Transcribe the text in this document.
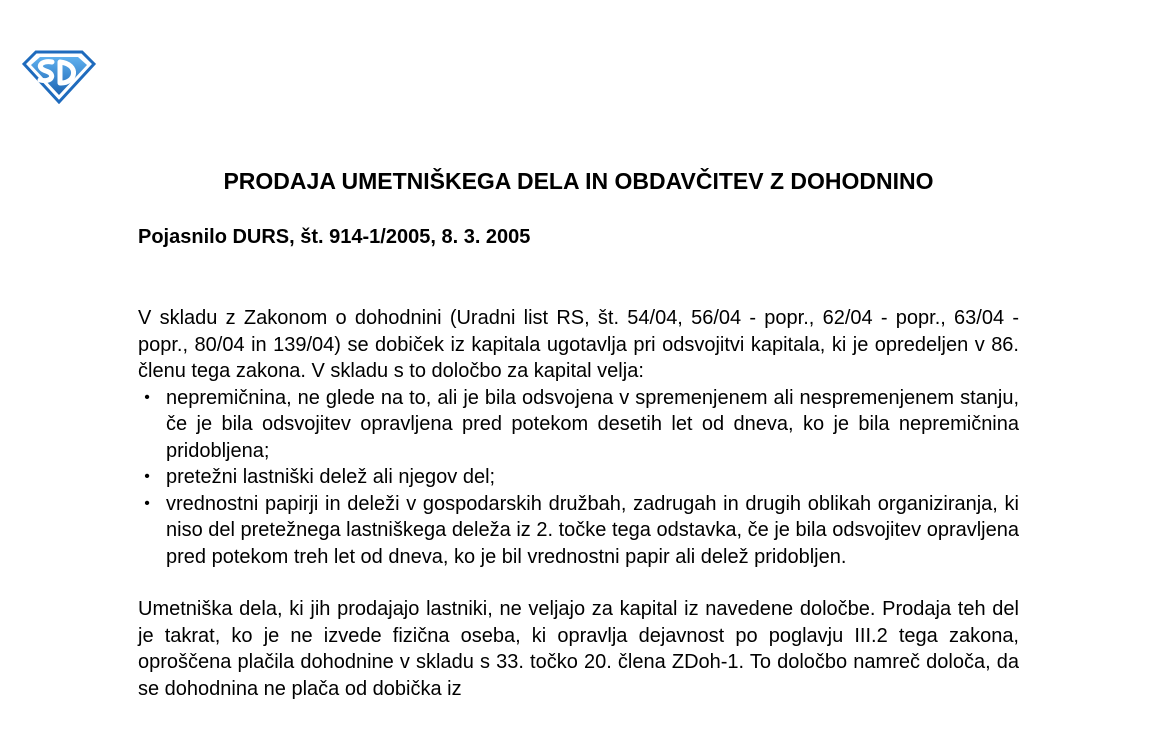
PRODAJA UMETNIŠKEGA DELA IN OBDAVČITEV Z DOHODNINO

Pojasnilo DURS, št. 914-1/2005, 8. 3. 2005

V skladu z Zakonom o dohodnini (Uradni list RS, št. 54/04, 56/04 - popr., 62/04 - popr., 63/04 - popr., 80/04 in 139/04) se dobiček iz kapitala ugotavlja pri odsvojitvi kapitala, ki je opredeljen v 86. členu tega zakona. V skladu s to določbo za kapital velja:

• nepremičnina, ne glede na to, ali je bila odsvojena v spremenjenem ali nespremenjenem stanju, če je bila odsvojitev opravljena pred potekom desetih let od dneva, ko je bila nepremičnina pridobljena;
• pretežni lastniški delež ali njegov del;
• vrednostni papirji in deleži v gospodarskih družbah, zadrugah in drugih oblikah organiziranja, ki niso del pretežnega lastniškega deleža iz 2. točke tega odstavka, če je bila odsvojitev opravljena pred potekom treh let od dneva, ko je bil vrednostni papir ali delež pridobljen.

Umetniška dela, ki jih prodajajo lastniki, ne veljajo za kapital iz navedene določbe. Prodaja teh del je takrat, ko je ne izvede fizična oseba, ki opravlja dejavnost po poglavju III.2 tega zakona, oproščena plačila dohodnine v skladu s 33. točko 20. člena ZDoh-1. To določbo namreč določa, da se dohodnina ne plača od dobička iz
